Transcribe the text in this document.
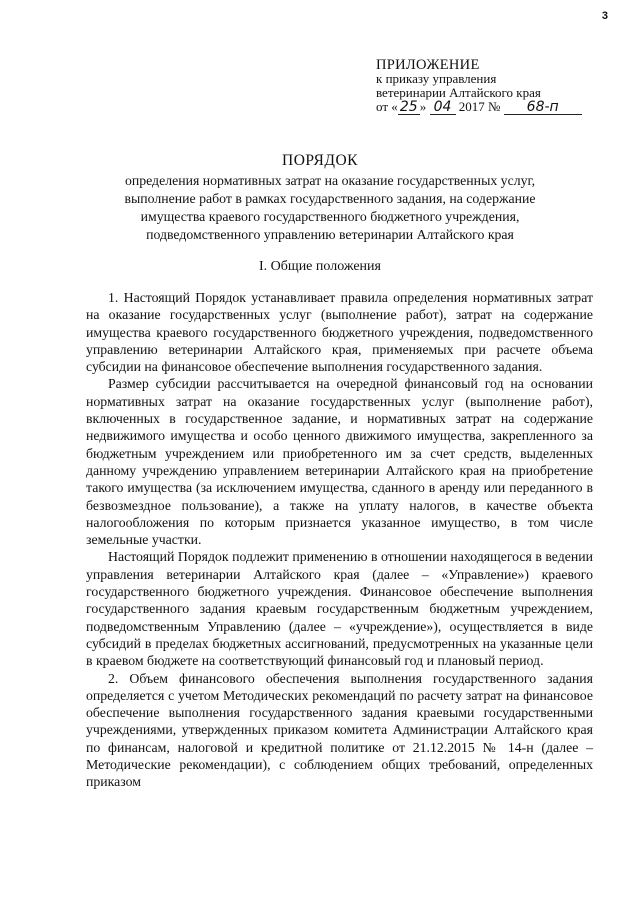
3
ПРИЛОЖЕНИЕ
к приказу управления
ветеринарии Алтайского края
от « 25 » 04 2017 № 68-п
ПОРЯДОК
определения нормативных затрат на оказание государственных услуг, выполнение работ в рамках государственного задания, на содержание имущества краевого государственного бюджетного учреждения, подведомственного управлению ветеринарии Алтайского края
I. Общие положения

1. Настоящий Порядок устанавливает правила определения нормативных затрат на оказание государственных услуг (выполнение работ), затрат на содержание имущества краевого государственного бюджетного учреждения, подведомственного управлению ветеринарии Алтайского края, применяемых при расчете объема субсидии на финансовое обеспечение выполнения государственного задания.

Размер субсидии рассчитывается на очередной финансовый год на основании нормативных затрат на оказание государственных услуг (выполнение работ), включенных в государственное задание, и нормативных затрат на содержание недвижимого имущества и особо ценного движимого имущества, закрепленного за бюджетным учреждением или приобретенного им за счет средств, выделенных данному учреждению управлением ветеринарии Алтайского края на приобретение такого имущества (за исключением имущества, сданного в аренду или переданного в безвозмездное пользование), а также на уплату налогов, в качестве объекта налогообложения по которым признается указанное имущество, в том числе земельные участки.

Настоящий Порядок подлежит применению в отношении находящегося в ведении управления ветеринарии Алтайского края (далее – «Управление») краевого государственного бюджетного учреждения. Финансовое обеспечение выполнения государственного задания краевым государственным бюджетным учреждением, подведомственным Управлению (далее – «учреждение»), осуществляется в виде субсидий в пределах бюджетных ассигнований, предусмотренных на указанные цели в краевом бюджете на соответствующий финансовый год и плановый период.

2. Объем финансового обеспечения выполнения государственного задания определяется с учетом Методических рекомендаций по расчету затрат на финансовое обеспечение выполнения государственного задания краевыми государственными учреждениями, утвержденных приказом комитета Администрации Алтайского края по финансам, налоговой и кредитной политике от 21.12.2015 № 14-н (далее – Методические рекомендации), с соблюдением общих требований, определенных приказом
